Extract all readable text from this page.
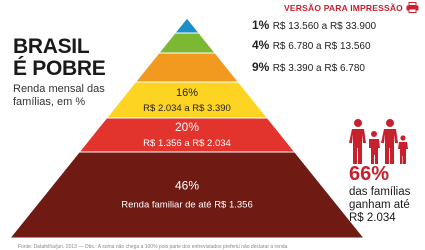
VERSÃO PARA IMPRESSÃO
BRASIL
É POBRE
Renda mensal das
famílias, em %
16%
R$ 2.034 a R$ 3.390
20%
R$ 1.356 a R$ 2.034
46%
Renda familiar de até R$ 1.356
1% R$ 13.560 a R$ 33.900
4% R$ 6.780 a R$ 13.560
9% R$ 3.390 a R$ 6.780
66%
das famílias
ganham até
R$ 2.034
Fonte: Datafolha/jun. 2013 — Obs.: A soma não chega a 100% pois parte dos entrevistados preferiu não declarar a renda
